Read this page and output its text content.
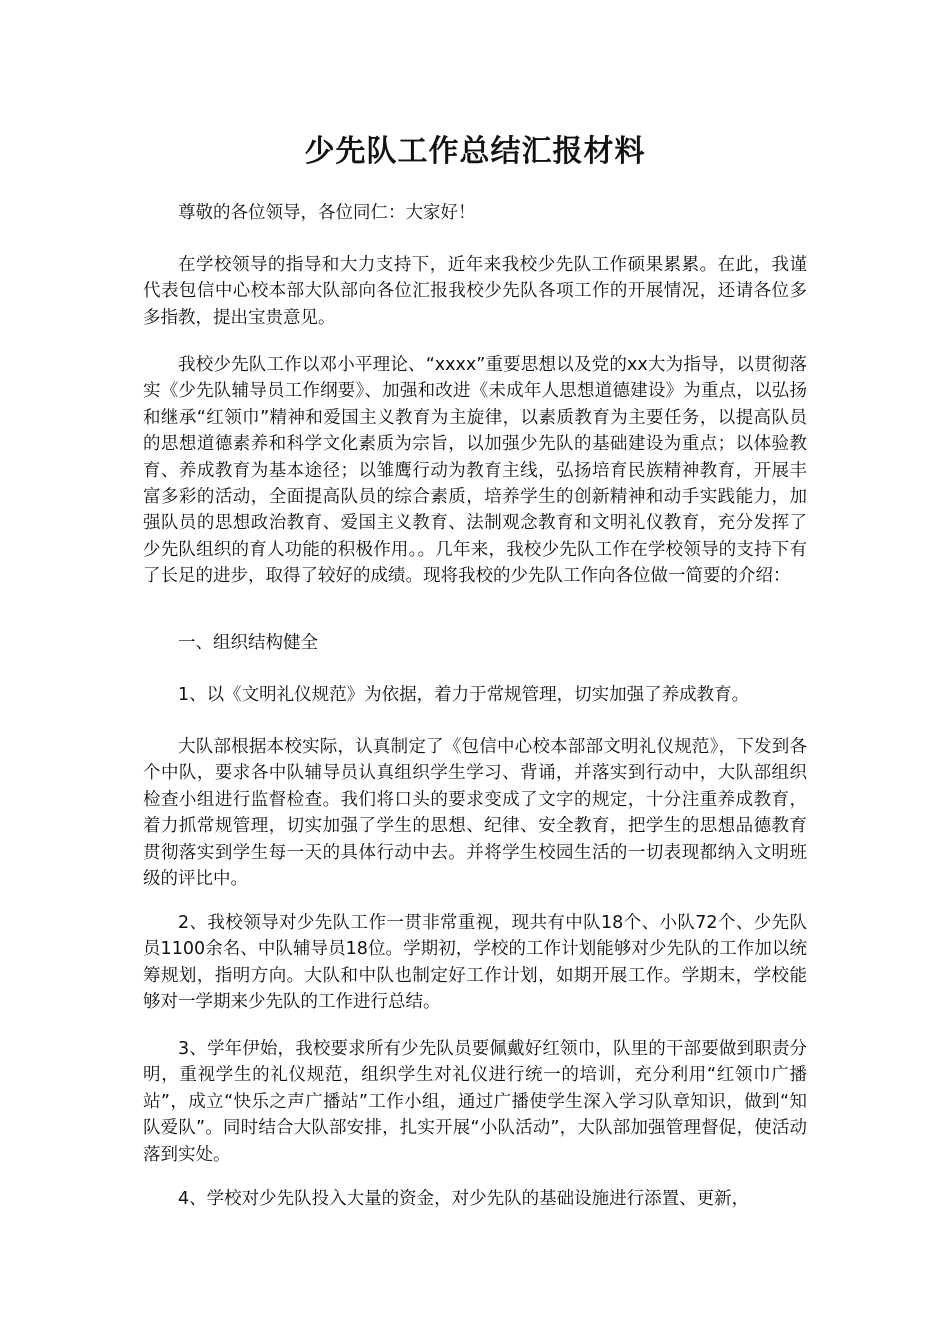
少先队工作总结汇报材料

尊敬的各位领导，各位同仁：大家好！

在学校领导的指导和大力支持下，近年来我校少先队工作硕果累累。在此，我谨代表包信中心校本部大队部向各位汇报我校少先队各项工作的开展情况，还请各位多多指教，提出宝贵意见。

我校少先队工作以邓小平理论、“xxxx”重要思想以及党的xx大为指导，以贯彻落实《少先队辅导员工作纲要》、加强和改进《未成年人思想道德建设》为重点，以弘扬和继承“红领巾”精神和爱国主义教育为主旋律，以素质教育为主要任务，以提高队员的思想道德素养和科学文化素质为宗旨，以加强少先队的基础建设为重点；以体验教育、养成教育为基本途径；以雏鹰行动为教育主线，弘扬培育民族精神教育，开展丰富多彩的活动，全面提高队员的综合素质，培养学生的创新精神和动手实践能力，加强队员的思想政治教育、爱国主义教育、法制观念教育和文明礼仪教育，充分发挥了少先队组织的育人功能的积极作用。。几年来，我校少先队工作在学校领导的支持下有了长足的进步，取得了较好的成绩。现将我校的少先队工作向各位做一简要的介绍：

一、组织结构健全

1、以《文明礼仪规范》为依据，着力于常规管理，切实加强了养成教育。

大队部根据本校实际，认真制定了《包信中心校本部部文明礼仪规范》，下发到各个中队，要求各中队辅导员认真组织学生学习、背诵，并落实到行动中，大队部组织检查小组进行监督检查。我们将口头的要求变成了文字的规定，十分注重养成教育，着力抓常规管理，切实加强了学生的思想、纪律、安全教育，把学生的思想品德教育贯彻落实到学生每一天的具体行动中去。并将学生校园生活的一切表现都纳入文明班级的评比中。

2、我校领导对少先队工作一贯非常重视，现共有中队18个、小队72个、少先队员1100余名、中队辅导员18位。学期初，学校的工作计划能够对少先队的工作加以统筹规划，指明方向。大队和中队也制定好工作计划，如期开展工作。学期末，学校能够对一学期来少先队的工作进行总结。

3、学年伊始，我校要求所有少先队员要佩戴好红领巾，队里的干部要做到职责分明，重视学生的礼仪规范，组织学生对礼仪进行统一的培训，充分利用“红领巾广播站”，成立“快乐之声广播站”工作小组，通过广播使学生深入学习队章知识，做到“知队爱队”。同时结合大队部安排，扎实开展“小队活动”，大队部加强管理督促，使活动落到实处。

4、学校对少先队投入大量的资金，对少先队的基础设施进行添置、更新，
